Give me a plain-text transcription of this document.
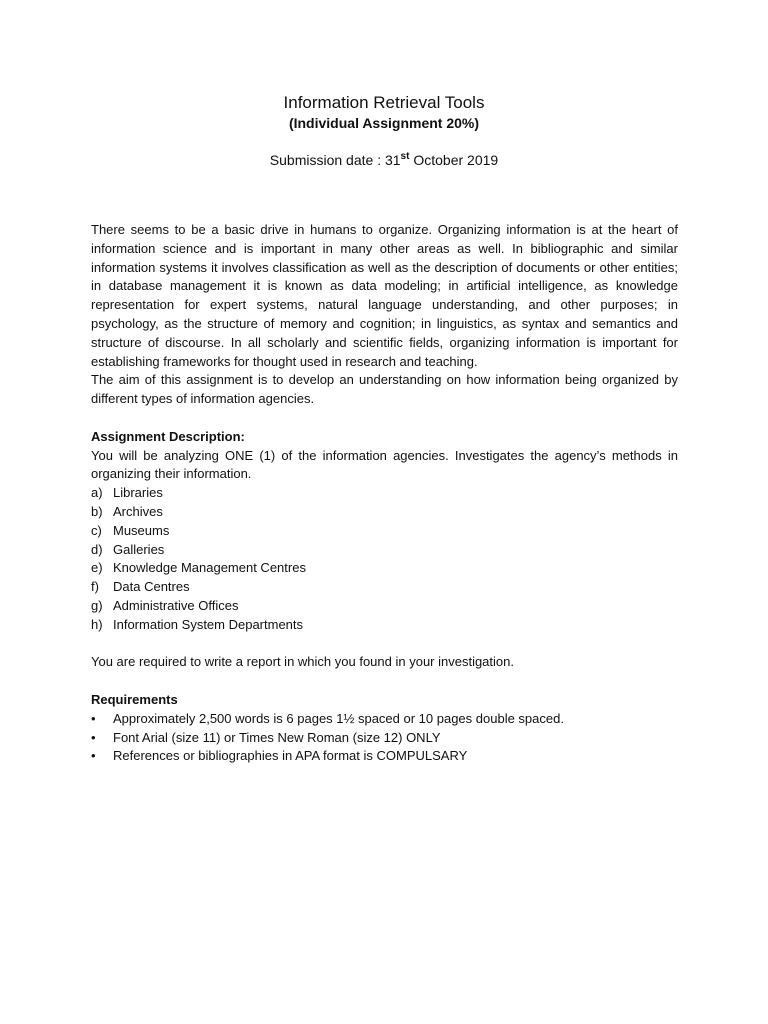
Information Retrieval Tools

(Individual Assignment 20%)

Submission date : 31st October 2019

There seems to be a basic drive in humans to organize. Organizing information is at the heart of information science and is important in many other areas as well. In bibliographic and similar information systems it involves classification as well as the description of documents or other entities; in database management it is known as data modeling; in artificial intelligence, as knowledge representation for expert systems, natural language understanding, and other purposes; in psychology, as the structure of memory and cognition; in linguistics, as syntax and semantics and structure of discourse. In all scholarly and scientific fields, organizing information is important for establishing frameworks for thought used in research and teaching.

The aim of this assignment is to develop an understanding on how information being organized by different types of information agencies.

Assignment Description:

You will be analyzing ONE (1) of the information agencies. Investigates the agency’s methods in organizing their information.

a) Libraries
b) Archives
c) Museums
d) Galleries
e) Knowledge Management Centres
f)	Data Centres
g) Administrative Offices
h) Information System Departments

You are required to write a report in which you found in your investigation.

Requirements

•	Approximately 2,500 words is 6 pages 1½ spaced or 10 pages double spaced.
•	Font Arial (size 11) or Times New Roman (size 12) ONLY
•	References or bibliographies in APA format is COMPULSARY
